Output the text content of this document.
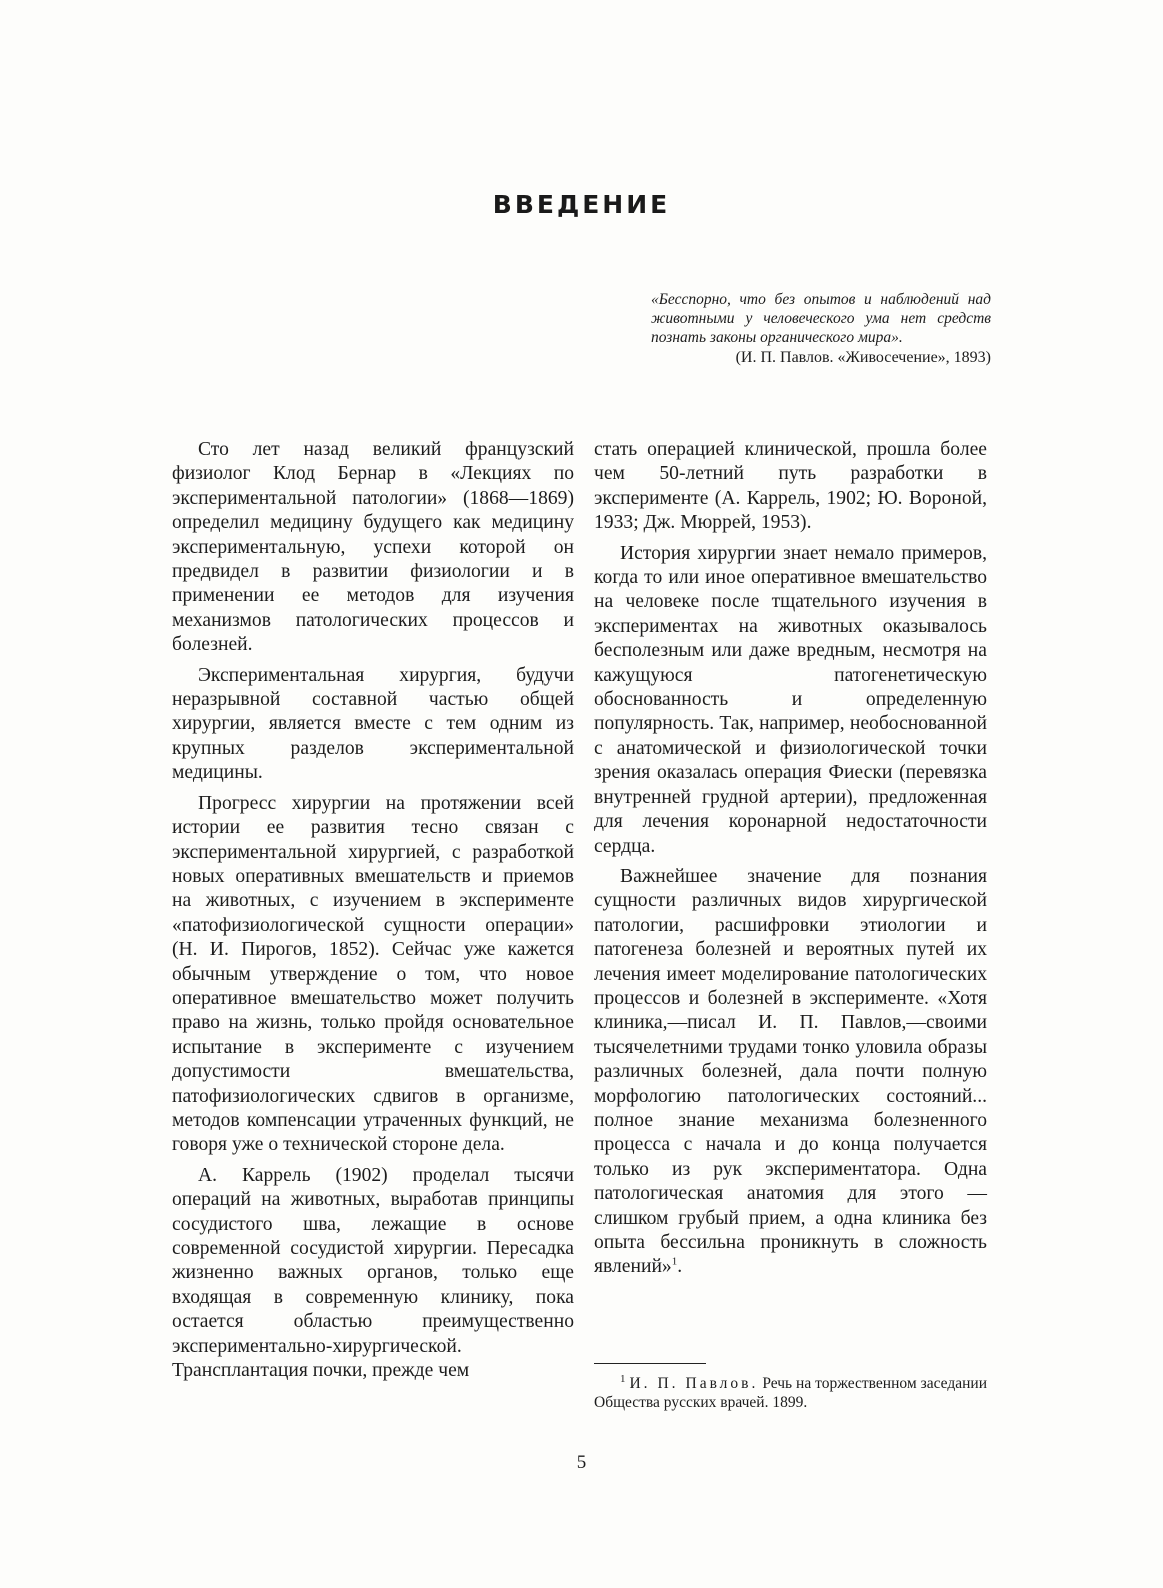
ВВЕДЕНИЕ
«Бесспорно, что без опытов и наблюдений над животными у человеческого ума нет средств познать законы органического мира».
(И. П. Павлов. «Живосечение», 1893)

Сто лет назад великий французский физиолог Клод Бернар в «Лекциях по экспериментальной патологии» (1868—1869) определил медицину будущего как медицину экспериментальную, успехи которой он предвидел в развитии физиологии и в применении ее методов для изучения механизмов патологических процессов и болезней.

Экспериментальная хирургия, будучи неразрывной составной частью общей хирургии, является вместе с тем одним из крупных разделов экспериментальной медицины.

Прогресс хирургии на протяжении всей истории ее развития тесно связан с экспериментальной хирургией, с разработкой новых оперативных вмешательств и приемов на животных, с изучением в эксперименте «патофизиологической сущности операции» (Н. И. Пирогов, 1852). Сейчас уже кажется обычным утверждение о том, что новое оперативное вмешательство может получить право на жизнь, только пройдя основательное испытание в эксперименте с изучением допустимости вмешательства, патофизиологических сдвигов в организме, методов компенсации утраченных функций, не говоря уже о технической стороне дела.

А. Каррель (1902) проделал тысячи операций на животных, выработав принципы сосудистого шва, лежащие в основе современной сосудистой хирургии. Пересадка жизненно важных органов, только еще входящая в современную клинику, пока остается областью преимущественно экспериментально-хирургической. Трансплантация почки, прежде чем

стать операцией клинической, прошла более чем 50-летний путь разработки в эксперименте (А. Каррель, 1902; Ю. Вороной, 1933; Дж. Мюррей, 1953).

История хирургии знает немало примеров, когда то или иное оперативное вмешательство на человеке после тщательного изучения в экспериментах на животных оказывалось бесполезным или даже вредным, несмотря на кажущуюся патогенетическую обоснованность и определенную популярность. Так, например, необоснованной с анатомической и физиологической точки зрения оказалась операция Фиески (перевязка внутренней грудной артерии), предложенная для лечения коронарной недостаточности сердца.

Важнейшее значение для познания сущности различных видов хирургической патологии, расшифровки этиологии и патогенеза болезней и вероятных путей их лечения имеет моделирование патологических процессов и болезней в эксперименте. «Хотя клиника,—писал И. П. Павлов,—своими тысячелетними трудами тонко уловила образы различных болезней, дала почти полную морфологию патологических состояний... полное знание механизма болезненного процесса с начала и до конца получается только из рук экспериментатора. Одна патологическая анатомия для этого — слишком грубый прием, а одна клиника без опыта бессильна проникнуть в сложность явлений»$^1$.

$^1$ И. П. Павлов. Речь на торжественном заседании Общества русских врачей. 1899.
5
